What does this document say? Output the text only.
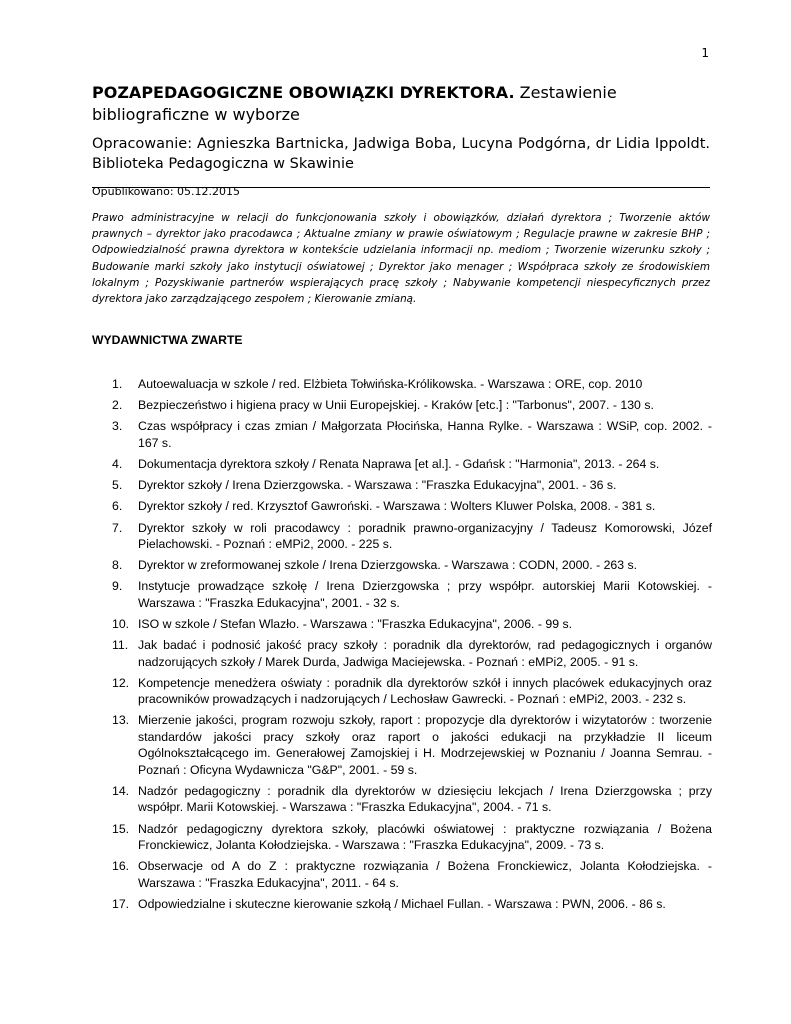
1

POZAPEDAGOGICZNE OBOWIĄZKI DYREKTORA. Zestawienie bibliograficzne w wyborze

Opracowanie: Agnieszka Bartnicka, Jadwiga Boba, Lucyna Podgórna, dr Lidia Ippoldt. Biblioteka Pedagogiczna w Skawinie

Opublikowano: 05.12.2015

Prawo administracyjne w relacji do funkcjonowania szkoły i obowiązków, działań dyrektora ; Tworzenie aktów prawnych – dyrektor jako pracodawca ; Aktualne zmiany w prawie oświatowym ; Regulacje prawne w zakresie BHP ; Odpowiedzialność prawna dyrektora w kontekście udzielania informacji np. mediom ; Tworzenie wizerunku szkoły ; Budowanie marki szkoły jako instytucji oświatowej ; Dyrektor jako menager ; Współpraca szkoły ze środowiskiem lokalnym ; Pozyskiwanie partnerów wspierających pracę szkoły ; Nabywanie kompetencji niespecyficznych przez dyrektora jako zarządzającego zespołem ; Kierowanie zmianą.

WYDAWNICTWA ZWARTE
1. Autoewaluacja w szkole / red. Elżbieta Tołwińska-Królikowska. - Warszawa : ORE, cop. 2010
2. Bezpieczeństwo i higiena pracy w Unii Europejskiej. - Kraków [etc.] : "Tarbonus", 2007. - 130 s.
3. Czas współpracy i czas zmian / Małgorzata Płocińska, Hanna Rylke. - Warszawa : WSiP, cop. 2002. - 167 s.
4. Dokumentacja dyrektora szkoły / Renata Naprawa [et al.]. - Gdańsk : "Harmonia", 2013. - 264 s.
5. Dyrektor szkoły / Irena Dzierzgowska. - Warszawa : "Fraszka Edukacyjna", 2001. - 36 s.
6. Dyrektor szkoły / red. Krzysztof Gawroński. - Warszawa : Wolters Kluwer Polska, 2008. - 381 s.
7. Dyrektor szkoły w roli pracodawcy : poradnik prawno-organizacyjny / Tadeusz Komorowski, Józef Pielachowski. - Poznań : eMPi2, 2000. - 225 s.
8. Dyrektor w zreformowanej szkole / Irena Dzierzgowska. - Warszawa : CODN, 2000. - 263 s.
9. Instytucje prowadzące szkołę / Irena Dzierzgowska ; przy współpr. autorskiej Marii Kotowskiej. - Warszawa : "Fraszka Edukacyjna", 2001. - 32 s.
10. ISO w szkole / Stefan Wlazło. - Warszawa : "Fraszka Edukacyjna", 2006. - 99 s.
11. Jak badać i podnosić jakość pracy szkoły : poradnik dla dyrektorów, rad pedagogicznych i organów nadzorujących szkoły / Marek Durda, Jadwiga Maciejewska. - Poznań : eMPi2, 2005. - 91 s.
12. Kompetencje menedżera oświaty : poradnik dla dyrektorów szkół i innych placówek edukacyjnych oraz pracowników prowadzących i nadzorujących / Lechosław Gawrecki. - Poznań : eMPi2, 2003. - 232 s.
13. Mierzenie jakości, program rozwoju szkoły, raport : propozycje dla dyrektorów i wizytatorów : tworzenie standardów jakości pracy szkoły oraz raport o jakości edukacji na przykładzie II liceum Ogólnokształcącego im. Generałowej Zamojskiej i H. Modrzejewskiej w Poznaniu / Joanna Semrau. - Poznań : Oficyna Wydawnicza "G&P", 2001. - 59 s.
14. Nadzór pedagogiczny : poradnik dla dyrektorów w dziesięciu lekcjach / Irena Dzierzgowska ; przy współpr. Marii Kotowskiej. - Warszawa : "Fraszka Edukacyjna", 2004. - 71 s.
15. Nadzór pedagogiczny dyrektora szkoły, placówki oświatowej : praktyczne rozwiązania / Bożena Fronckiewicz, Jolanta Kołodziejska. - Warszawa : "Fraszka Edukacyjna", 2009. - 73 s.
16. Obserwacje od A do Z : praktyczne rozwiązania / Bożena Fronckiewicz, Jolanta Kołodziejska. - Warszawa : "Fraszka Edukacyjna", 2011. - 64 s.
17. Odpowiedzialne i skuteczne kierowanie szkołą / Michael Fullan. - Warszawa : PWN, 2006. - 86 s.
